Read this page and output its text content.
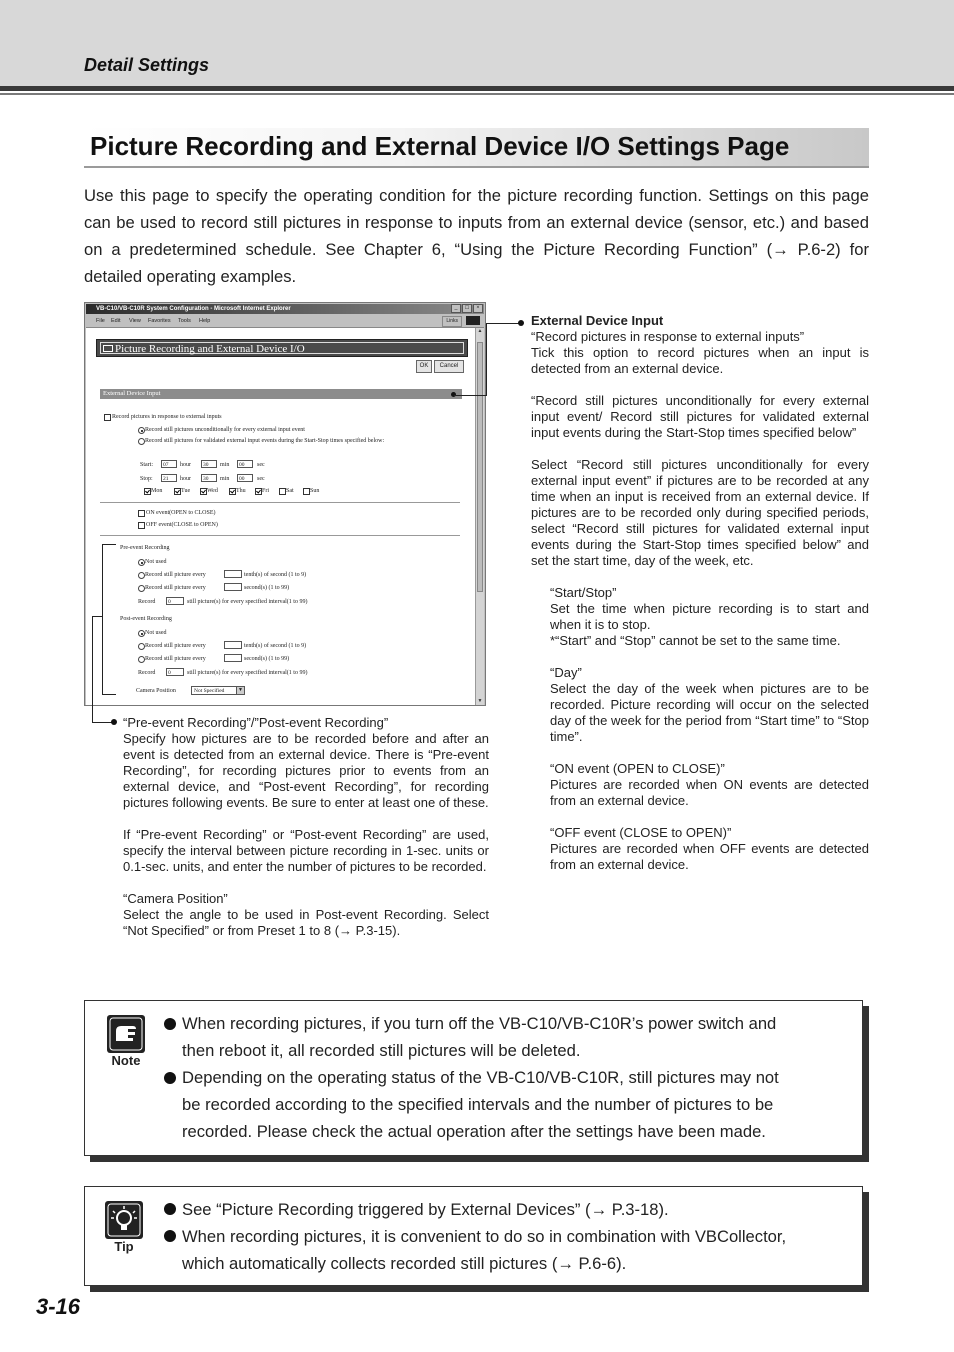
Detail Settings
Picture Recording and External Device I/O Settings Page
Use this page to specify the operating condition for the picture recording function. Settings on this page can be used to record still pictures in response to inputs from an external device (sensor, etc.) and based on a predetermined schedule. See Chapter 6, “Using the Picture Recording Function” (→ P.6-2) for detailed operating examples.
VB-C10/VB-C10R System Configuration - Microsoft Internet Explorer	_	□	×
File Edit View Favorites Tools Help	Links
Picture Recording and External Device I/O
OK	Cancel
External Device Input
Record pictures in response to external inputs
Record still pictures unconditionally for every external input event
Record still pictures for validated external input events during the Start-Stop times specified below:
Start:	07	hour	30	min	00	sec
Stop:	21	hour	30	min	00	sec
Mon	Tue	Wed	Thu	Fri	Sat	Sun
ON event(OPEN to CLOSE)
OFF event(CLOSE to OPEN)
Pre-event Recording
Not used
Record still picture every	tenth(s) of second (1 to 9)
Record still picture every	second(s) (1 to 99)
Record	0	still picture(s) for every specified interval(1 to 99)
Post-event Recording
Not used
Record still picture every	tenth(s) of second (1 to 9)
Record still picture every	second(s) (1 to 99)
Record	0	still picture(s) for every specified interval(1 to 99)
Camera Position	Not Specified	▼
▲
▼

External Device Input

“Record pictures in response to external inputs”

Tick this option to record pictures when an input is detected from an external device.

“Record still pictures unconditionally for every external input event/ Record still pictures for validated external input events during the Start-Stop times specified below”

Select “Record still pictures unconditionally for every external input event” if pictures are to be recorded at any time when an input is received from an external device. If pictures are to be recorded only during specified periods, select “Record still pictures for validated external input events during the Start-Stop times specified below” and set the start time, day of the week, etc.

“Start/Stop”

Set the time when picture recording is to start and when it is to stop.

*“Start” and “Stop” cannot be set to the same time.

“Day”

Select the day of the week when pictures are to be recorded. Picture recording will occur on the selected day of the week for the period from “Start time” to “Stop time”.

“ON event (OPEN to CLOSE)”

Pictures are recorded when ON events are detected from an external device.

“OFF event (CLOSE to OPEN)”

Pictures are recorded when OFF events are detected from an external device.

“Pre-event Recording”/”Post-event Recording”

Specify how pictures are to be recorded before and after an event is detected from an external device. There is “Pre-event Recording”, for recording pictures prior to events from an external device, and “Post-event Recording”, for recording pictures following events. Be sure to enter at least one of these.

If “Pre-event Recording” or “Post-event Recording” are used, specify the interval between picture recording in 1-sec. units or 0.1-sec. units, and enter the number of pictures to be recorded.

“Camera Position”

Select the angle to be used in Post-event Recording. Select “Not Specified” or from Preset 1 to 8 (→ P.3-15).

Note
When recording pictures, if you turn off the VB-C10/VB-C10R’s power switch and
then reboot it, all recorded still pictures will be deleted.
Depending on the operating status of the VB-C10/VB-C10R, still pictures may not
be recorded according to the specified intervals and the number of pictures to be
recorded. Please check the actual operation after the settings have been made.
Tip
See “Picture Recording triggered by External Devices” (→ P.3-18).
When recording pictures, it is convenient to do so in combination with VBCollector,
which automatically collects recorded still pictures (→ P.6-6).
3-16
